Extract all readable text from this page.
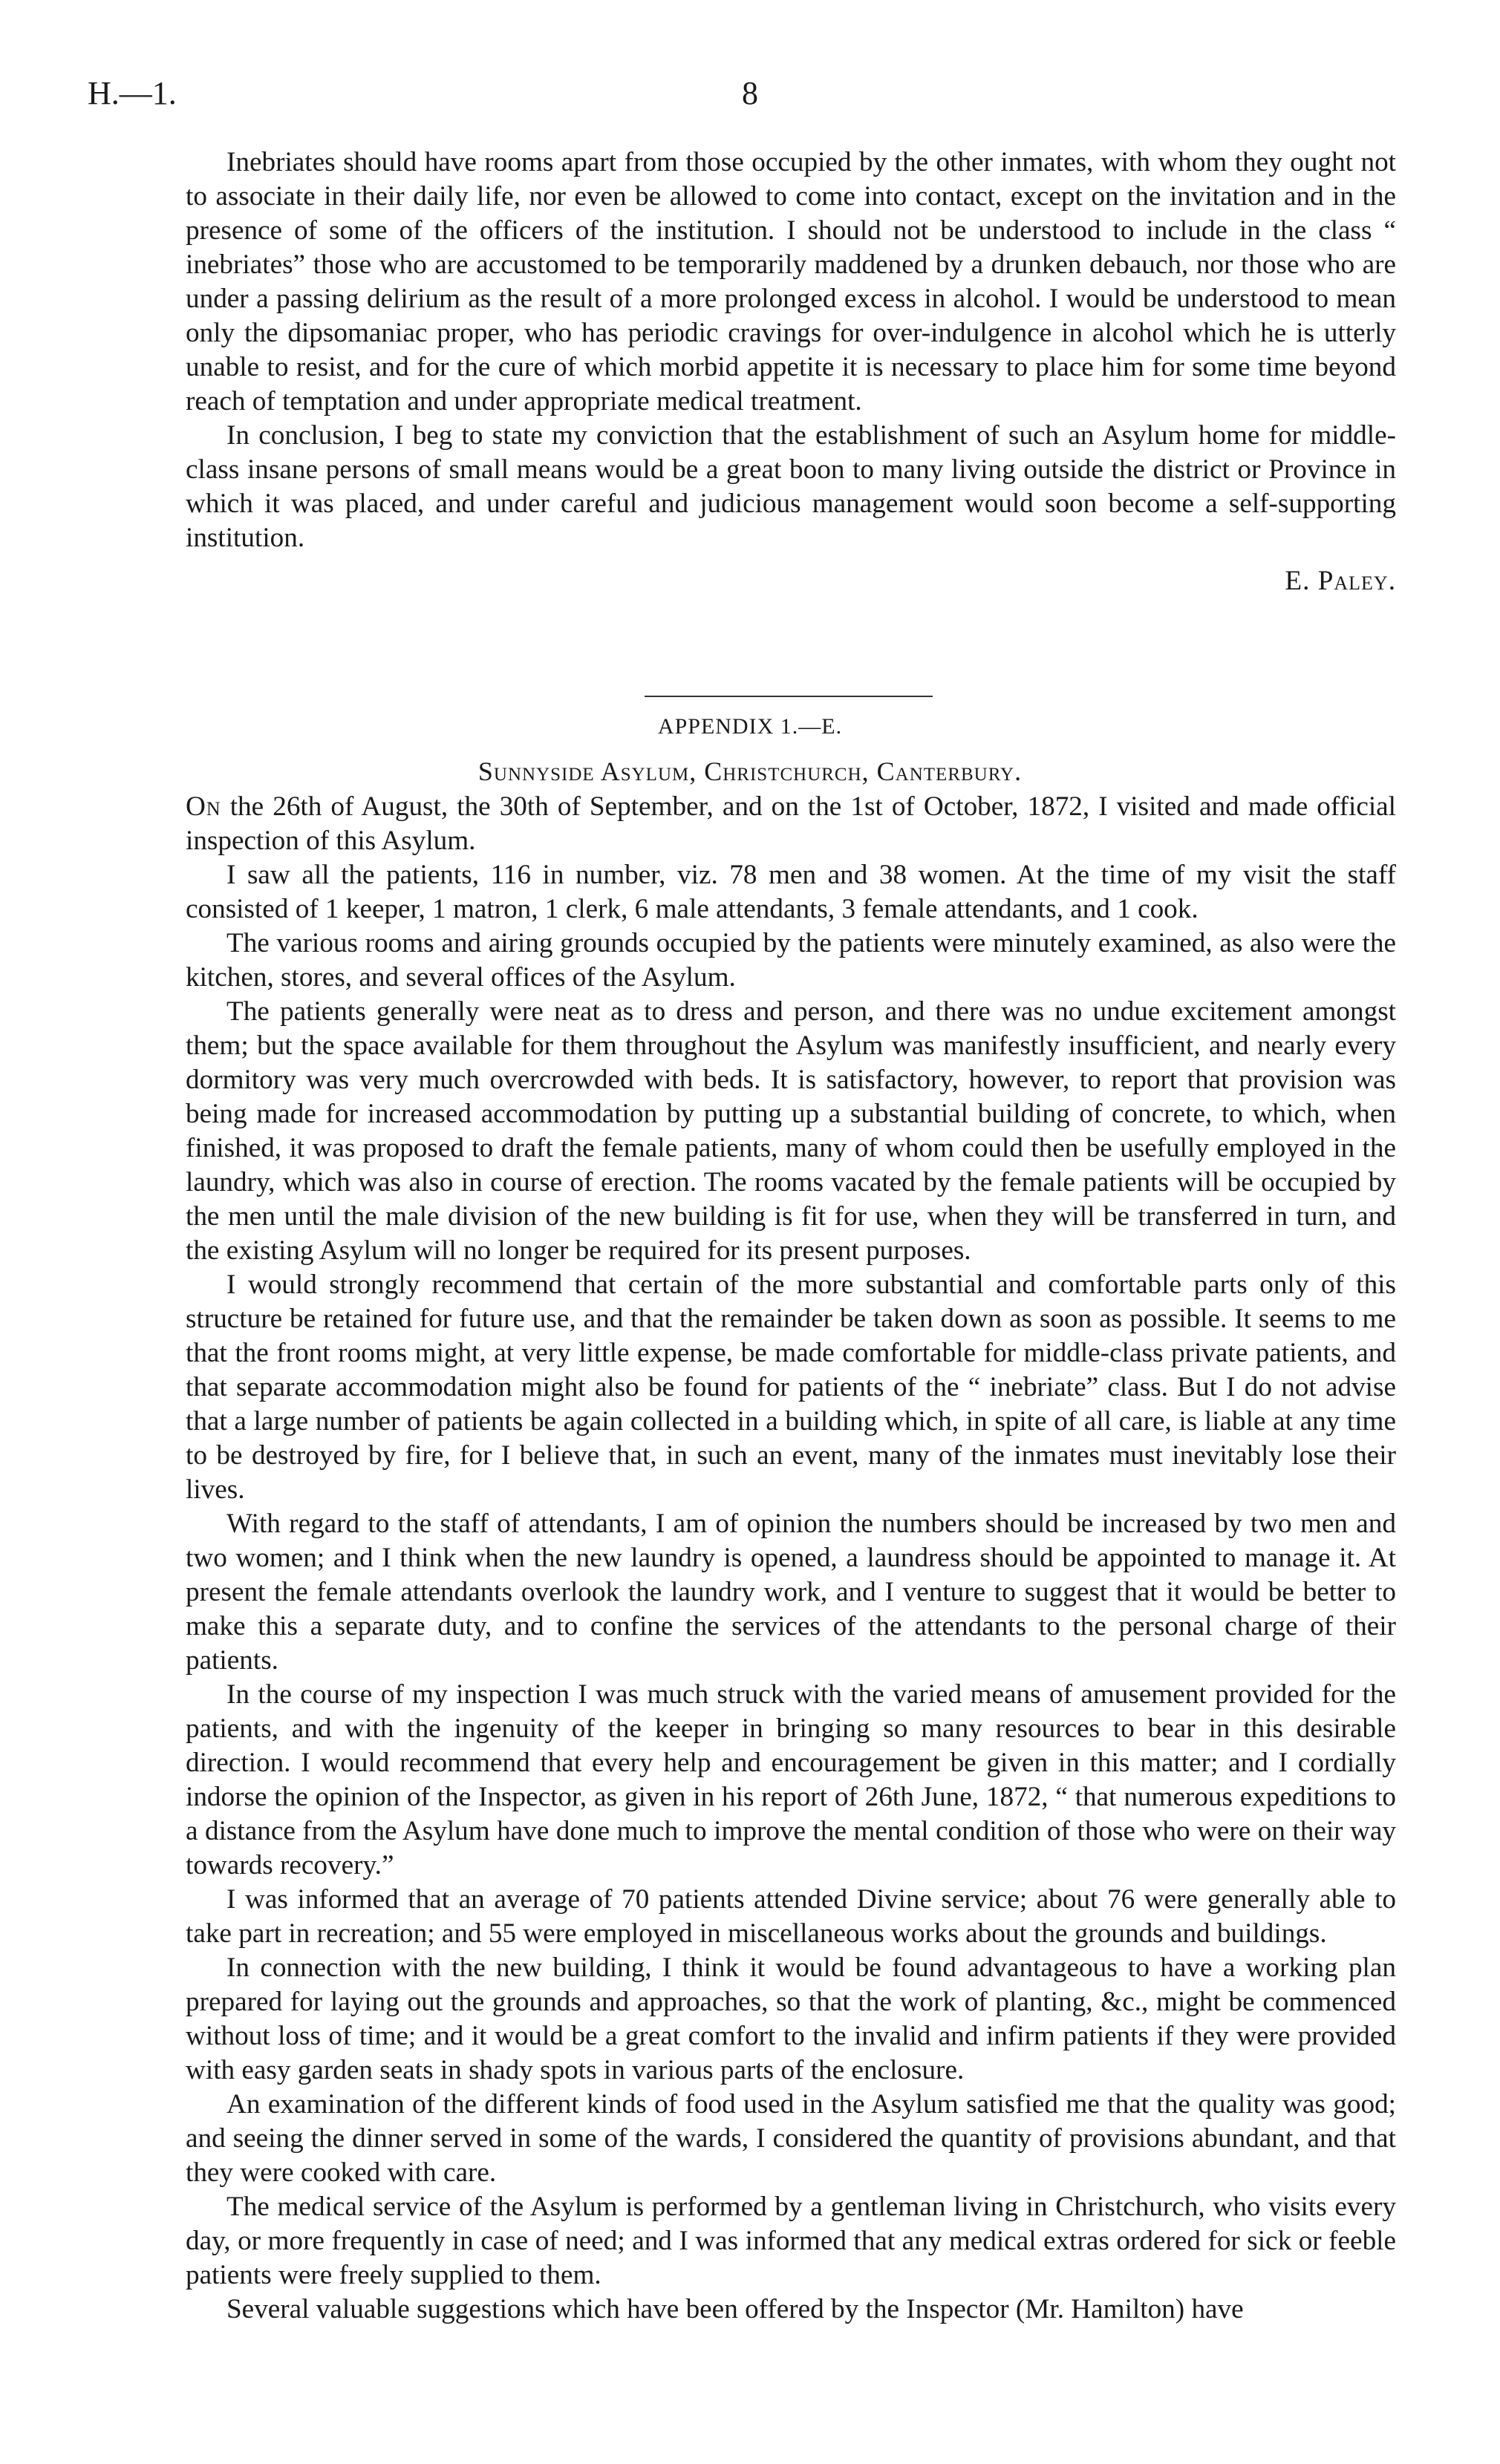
H.—1.	8

Inebriates should have rooms apart from those occupied by the other inmates, with whom they ought not to associate in their daily life, nor even be allowed to come into contact, except on the invitation and in the presence of some of the officers of the institution. I should not be understood to include in the class “ inebriates” those who are accustomed to be temporarily maddened by a drunken debauch, nor those who are under a passing delirium as the result of a more prolonged excess in alcohol. I would be understood to mean only the dipsomaniac proper, who has periodic cravings for over-indulgence in alcohol which he is utterly unable to resist, and for the cure of which morbid appetite it is necessary to place him for some time beyond reach of temptation and under appropriate medical treatment.

In conclusion, I beg to state my conviction that the establishment of such an Asylum home for middle-class insane persons of small means would be a great boon to many living outside the district or Province in which it was placed, and under careful and judicious management would soon become a self-supporting institution.

E. Paley.
APPENDIX 1.—E.
Sunnyside Asylum, Christchurch, Canterbury.

On the 26th of August, the 30th of September, and on the 1st of October, 1872, I visited and made official inspection of this Asylum.

I saw all the patients, 116 in number, viz. 78 men and 38 women. At the time of my visit the staff consisted of 1 keeper, 1 matron, 1 clerk, 6 male attendants, 3 female attendants, and 1 cook.

The various rooms and airing grounds occupied by the patients were minutely examined, as also were the kitchen, stores, and several offices of the Asylum.

The patients generally were neat as to dress and person, and there was no undue excitement amongst them; but the space available for them throughout the Asylum was manifestly insufficient, and nearly every dormitory was very much overcrowded with beds. It is satisfactory, however, to report that provision was being made for increased accommodation by putting up a substantial building of concrete, to which, when finished, it was proposed to draft the female patients, many of whom could then be usefully employed in the laundry, which was also in course of erection. The rooms vacated by the female patients will be occupied by the men until the male division of the new building is fit for use, when they will be transferred in turn, and the existing Asylum will no longer be required for its present purposes.

I would strongly recommend that certain of the more substantial and comfortable parts only of this structure be retained for future use, and that the remainder be taken down as soon as possible. It seems to me that the front rooms might, at very little expense, be made comfortable for middle-class private patients, and that separate accommodation might also be found for patients of the “ inebriate” class. But I do not advise that a large number of patients be again collected in a building which, in spite of all care, is liable at any time to be destroyed by fire, for I believe that, in such an event, many of the inmates must inevitably lose their lives.

With regard to the staff of attendants, I am of opinion the numbers should be increased by two men and two women; and I think when the new laundry is opened, a laundress should be appointed to manage it. At present the female attendants overlook the laundry work, and I venture to suggest that it would be better to make this a separate duty, and to confine the services of the attendants to the personal charge of their patients.

In the course of my inspection I was much struck with the varied means of amusement provided for the patients, and with the ingenuity of the keeper in bringing so many resources to bear in this desirable direction. I would recommend that every help and encouragement be given in this matter; and I cordially indorse the opinion of the Inspector, as given in his report of 26th June, 1872, “ that numerous expeditions to a distance from the Asylum have done much to improve the mental condition of those who were on their way towards recovery.”

I was informed that an average of 70 patients attended Divine service; about 76 were generally able to take part in recreation; and 55 were employed in miscellaneous works about the grounds and buildings.

In connection with the new building, I think it would be found advantageous to have a working plan prepared for laying out the grounds and approaches, so that the work of planting, &c., might be commenced without loss of time; and it would be a great comfort to the invalid and infirm patients if they were provided with easy garden seats in shady spots in various parts of the enclosure.

An examination of the different kinds of food used in the Asylum satisfied me that the quality was good; and seeing the dinner served in some of the wards, I considered the quantity of provisions abundant, and that they were cooked with care.

The medical service of the Asylum is performed by a gentleman living in Christchurch, who visits every day, or more frequently in case of need; and I was informed that any medical extras ordered for sick or feeble patients were freely supplied to them.

Several valuable suggestions which have been offered by the Inspector (Mr. Hamilton) have
